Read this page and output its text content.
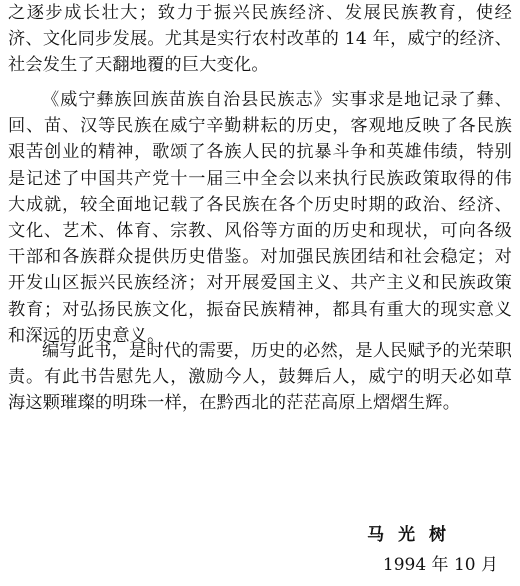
之逐步成长壮大；致力于振兴民族经济、发展民族教育，使经济、文化同步发展。尤其是实行农村改革的 14 年，威宁的经济、社会发生了天翻地覆的巨大变化。

《威宁彝族回族苗族自治县民族志》实事求是地记录了彝、回、苗、汉等民族在威宁辛勤耕耘的历史，客观地反映了各民族艰苦创业的精神，歌颂了各族人民的抗暴斗争和英雄伟绩，特别是记述了中国共产党十一届三中全会以来执行民族政策取得的伟大成就，较全面地记载了各民族在各个历史时期的政治、经济、文化、艺术、体育、宗教、风俗等方面的历史和现状，可向各级干部和各族群众提供历史借鉴。对加强民族团结和社会稳定；对开发山区振兴民族经济；对开展爱国主义、共产主义和民族政策教育；对弘扬民族文化，振奋民族精神，都具有重大的现实意义和深远的历史意义。

编写此书，是时代的需要，历史的必然，是人民赋予的光荣职责。有此书告慰先人，激励今人，鼓舞后人，威宁的明天必如草海这颗璀璨的明珠一样，在黔西北的茫茫高原上熠熠生辉。

马 光 树

1994 年 10 月
